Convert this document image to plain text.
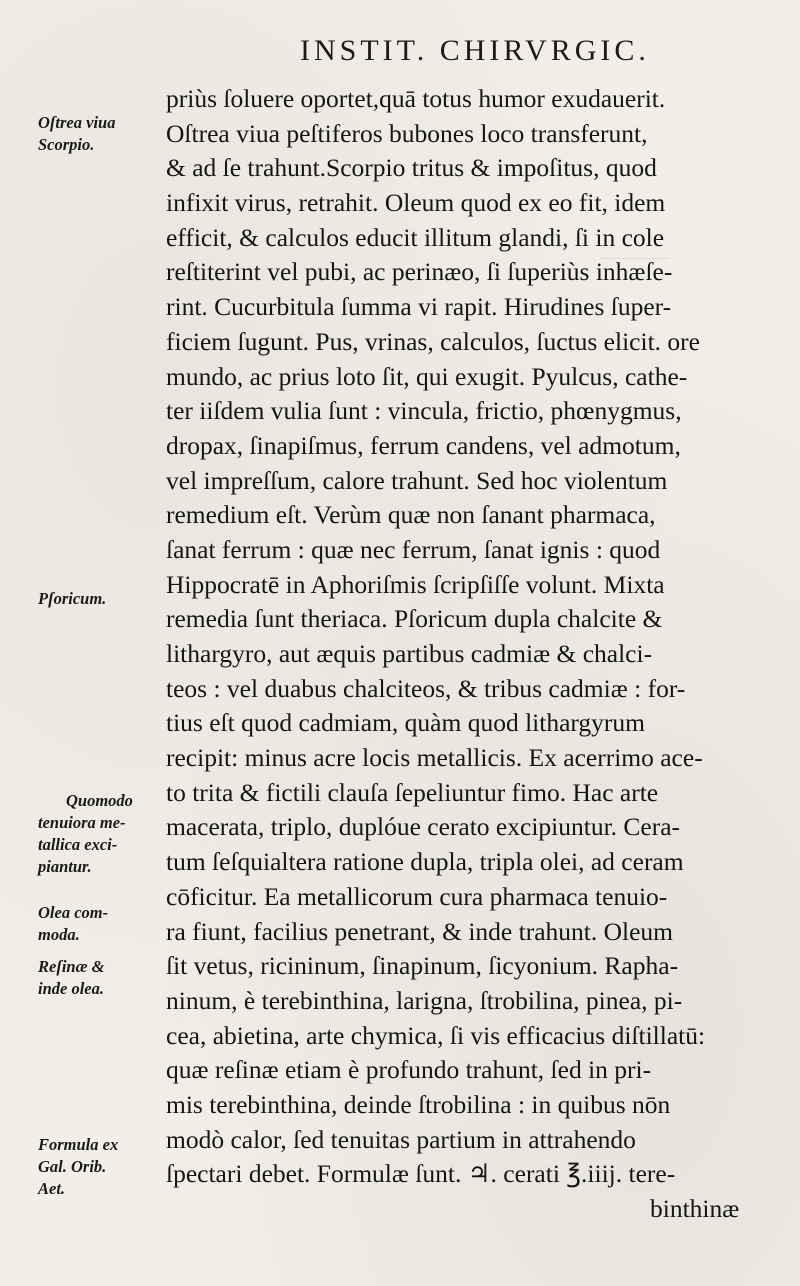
INSTIT. CHIRVRGIC.
priùs ſoluere oportet,quā totus humor exudauerit.
Oſtrea viua peſtiferos bubones loco transferunt,
& ad ſe trahunt.Scorpio tritus & impoſitus, quod
infixit virus, retrahit. Oleum quod ex eo fit, idem
efficit, & calculos educit illitum glandi, ſi in cole
reſtiterint vel pubi, ac perinæo, ſi ſuperiùs inhæſe-
rint. Cucurbitula ſumma vi rapit. Hirudines ſuper-
ficiem ſugunt. Pus, vrinas, calculos, ſuctus elicit. ore
mundo, ac prius loto ſit, qui exugit. Pyulcus, cathe-
ter iiſdem vulia ſunt : vincula, frictio, phœnygmus,
dropax, ſinapiſmus, ferrum candens, vel admotum,
vel impreſſum, calore trahunt. Sed hoc violentum
remedium eſt. Verùm quæ non ſanant pharmaca,
ſanat ferrum : quæ nec ferrum, ſanat ignis : quod
Hippocratē in Aphoriſmis ſcripſiſſe volunt. Mixta
remedia ſunt theriaca. Pſoricum dupla chalcite &
lithargyro, aut æquis partibus cadmiæ & chalci-
teos : vel duabus chalciteos, & tribus cadmiæ : for-
tius eſt quod cadmiam, quàm quod lithargyrum
recipit: minus acre locis metallicis. Ex acerrimo ace-
to trita & fictili clauſa ſepeliuntur fimo. Hac arte
macerata, triplo, duplóue cerato excipiuntur. Cera-
tum ſeſquialtera ratione dupla, tripla olei, ad ceram
cōficitur. Ea metallicorum cura pharmaca tenuio-
ra fiunt, facilius penetrant, & inde trahunt. Oleum
ſit vetus, ricininum, ſinapinum, ſicyonium. Rapha-
ninum, è terebinthina, larigna, ſtrobilina, pinea, pi-
cea, abietina, arte chymica, ſi vis efficacius diſtillatū:
quæ reſinæ etiam è profundo trahunt, ſed in pri-
mis terebinthina, deinde ſtrobilina : in quibus nōn
modò calor, ſed tenuitas partium in attrahendo
ſpectari debet. Formulæ ſunt. ♃. cerati ℥.iiij. tere-
binthinæ
Oſtrea viua
Scorpio.
Pſoricum.
Quomodo
tenuiora me-
tallica exci-
piantur.
Olea com-
moda.
Reſinæ &
inde olea.
Formula ex
Gal. Orib.
Aet.
